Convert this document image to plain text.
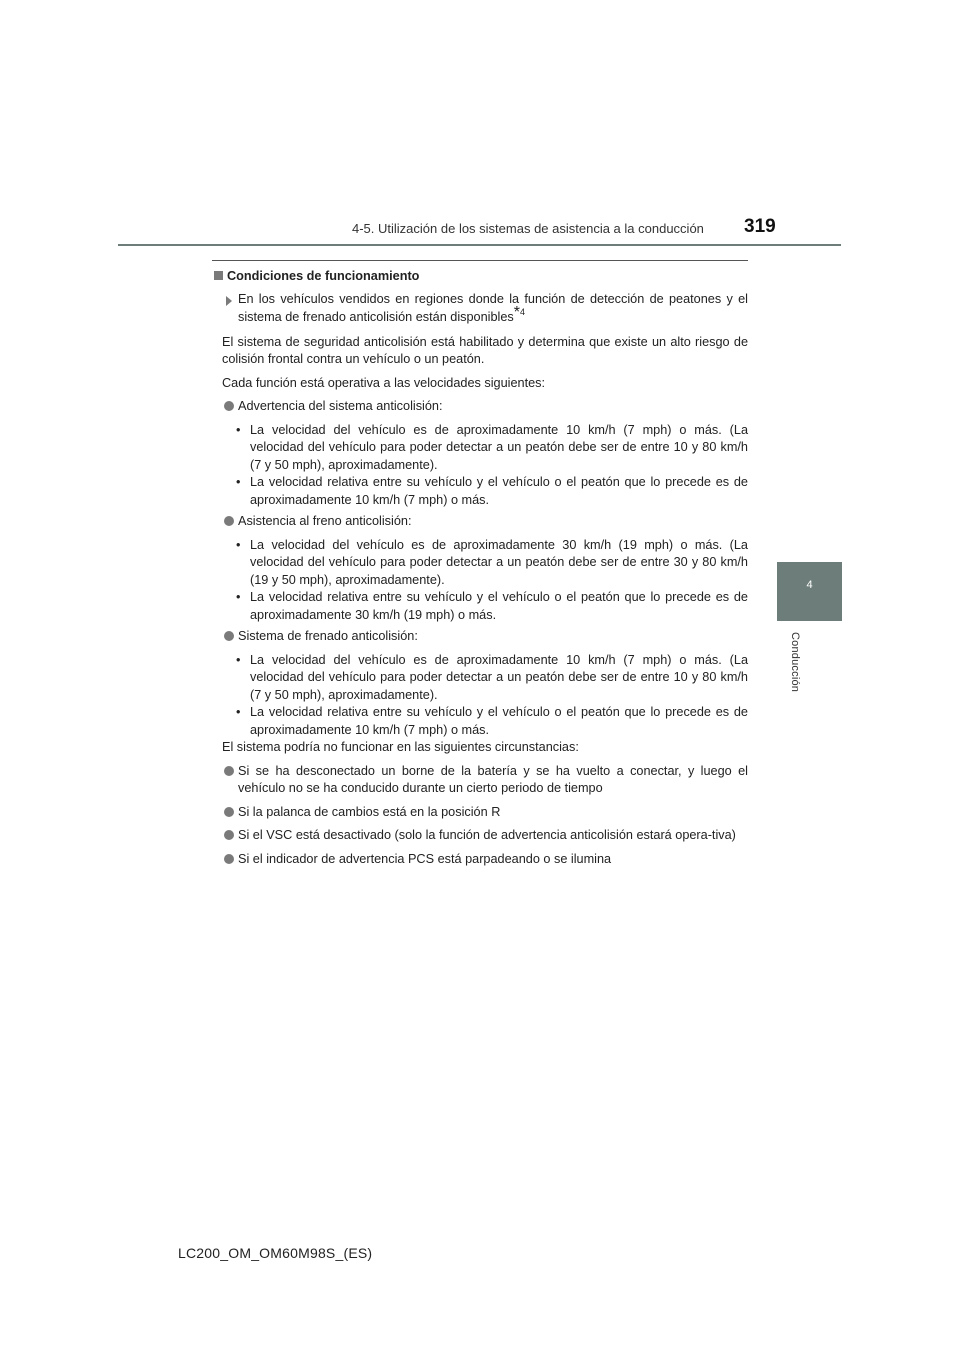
4-5. Utilización de los sistemas de asistencia a la conducción 319
4
Conducción

Condiciones de funcionamiento

En los vehículos vendidos en regiones donde la función de detección de peatones y el sistema de frenado anticolisión están disponibles$^{*4}$

El sistema de seguridad anticolisión está habilitado y determina que existe un alto riesgo de colisión frontal contra un vehículo o un peatón.

Cada función está operativa a las velocidades siguientes:

Advertencia del sistema anticolisión:

• La velocidad del vehículo es de aproximadamente 10 km/h (7 mph) o más. (La velocidad del vehículo para poder detectar a un peatón debe ser de entre 10 y 80 km/h (7 y 50 mph), aproximadamente).
• La velocidad relativa entre su vehículo y el vehículo o el peatón que lo precede es de aproximadamente 10 km/h (7 mph) o más.

Asistencia al freno anticolisión:

• La velocidad del vehículo es de aproximadamente 30 km/h (19 mph) o más. (La velocidad del vehículo para poder detectar a un peatón debe ser de entre 30 y 80 km/h (19 y 50 mph), aproximadamente).
• La velocidad relativa entre su vehículo y el vehículo o el peatón que lo precede es de aproximadamente 30 km/h (19 mph) o más.

Sistema de frenado anticolisión:

• La velocidad del vehículo es de aproximadamente 10 km/h (7 mph) o más. (La velocidad del vehículo para poder detectar a un peatón debe ser de entre 10 y 80 km/h (7 y 50 mph), aproximadamente).
• La velocidad relativa entre su vehículo y el vehículo o el peatón que lo precede es de aproximadamente 10 km/h (7 mph) o más.

El sistema podría no funcionar en las siguientes circunstancias:

Si se ha desconectado un borne de la batería y se ha vuelto a conectar, y luego el vehículo no se ha conducido durante un cierto periodo de tiempo

Si la palanca de cambios está en la posición R

Si el VSC está desactivado (solo la función de advertencia anticolisión estará opera-tiva)

Si el indicador de advertencia PCS está parpadeando o se ilumina

LC200_OM_OM60M98S_(ES)
